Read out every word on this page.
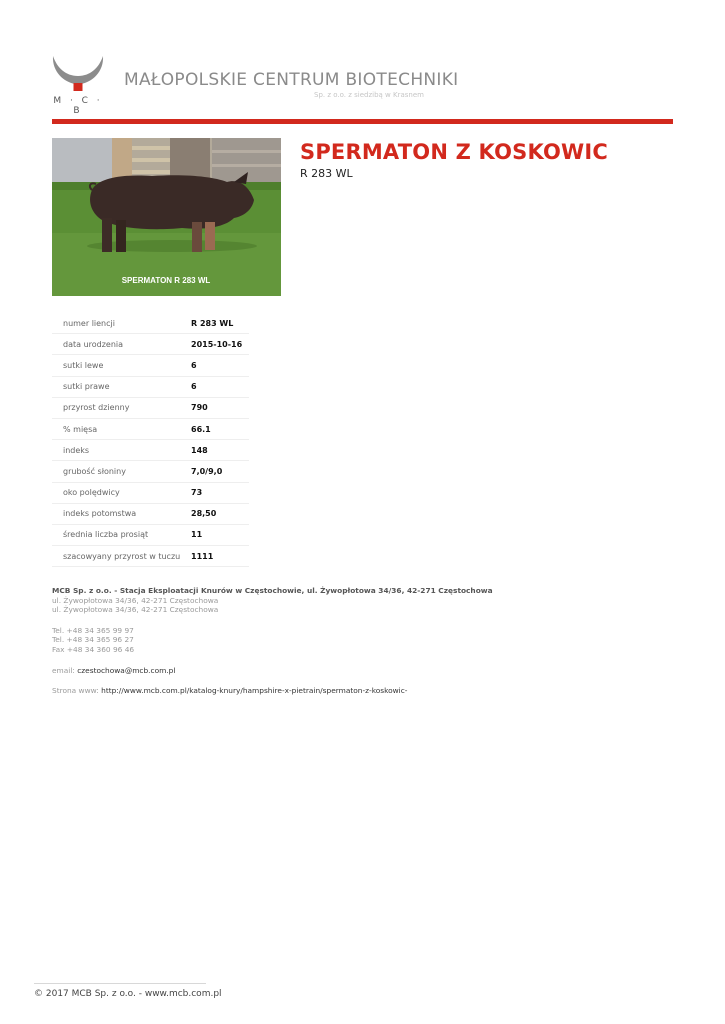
M · C · B
MAŁOPOLSKIE CENTRUM BIOTECHNIKI
Sp. z o.o. z siedzibą w Krasnem
SPERMATON R 283 WL
SPERMATON Z KOSKOWIC
R 283 WL
numer liencji	R 283 WL
data urodzenia	2015-10-16
sutki lewe	6
sutki prawe	6
przyrost dzienny	790
% mięsa	66.1
indeks	148
grubość słoniny	7,0/9,0
oko polędwicy	73
indeks potomstwa	28,50
średnia liczba prosiąt	11
szacowyany przyrost w tuczu	1111
MCB Sp. z o.o. - Stacja Eksploatacji Knurów w Częstochowie, ul. Żywopłotowa 34/36, 42-271 Częstochowa
ul. Żywopłotowa 34/36, 42-271 Częstochowa
ul. Żywopłotowa 34/36, 42-271 Częstochowa
Tel. +48 34 365 99 97
Tel. +48 34 365 96 27
Fax +48 34 360 96 46
email: czestochowa@mcb.com.pl
Strona www: http://www.mcb.com.pl/katalog-knury/hampshire-x-pietrain/spermaton-z-koskowic-
© 2017 MCB Sp. z o.o. - www.mcb.com.pl
